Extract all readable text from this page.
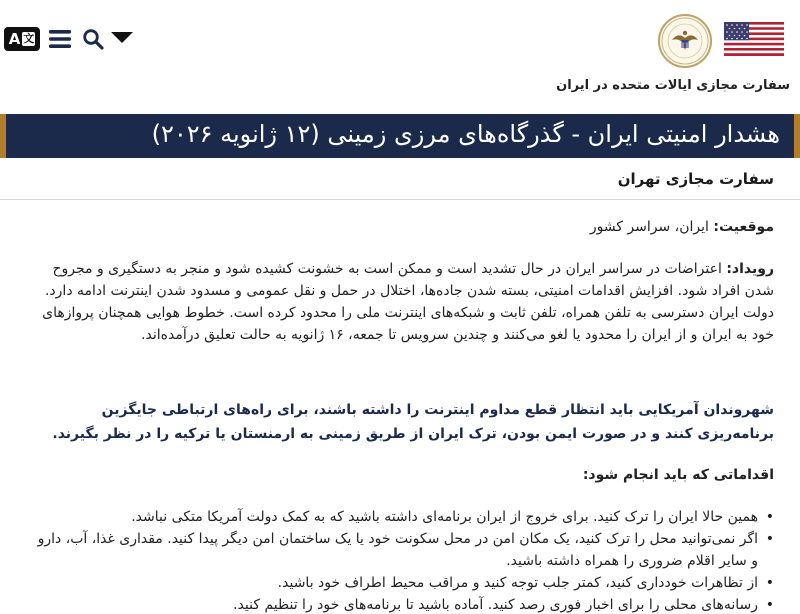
A 文
سفارت مجازی ایالات متحده در ایران
هشدار امنیتی ایران - گذرگاه‌های مرزی زمینی (۱۲ ژانویه ۲۰۲۶)
سفارت مجازی تهران
موقعیت: ایران، سراسر کشور
رویداد: اعتراضات در سراسر ایران در حال تشدید است و ممکن است به خشونت کشیده شود و منجر به دستگیری و مجروح شدن افراد شود. افزایش اقدامات امنیتی، بسته شدن جاده‌ها، اختلال در حمل و نقل عمومی و مسدود شدن اینترنت ادامه دارد. دولت ایران دسترسی به تلفن همراه، تلفن ثابت و شبکه‌های اینترنت ملی را محدود کرده است. خطوط هوایی همچنان پروازهای خود به ایران و از ایران را محدود یا لغو می‌کنند و چندین سرویس تا جمعه، ۱۶ ژانویه به حالت تعلیق درآمده‌اند.
شهروندان آمریکایی باید انتظار قطع مداوم اینترنت را داشته باشند، برای راه‌های ارتباطی جایگزین برنامه‌ریزی کنند و در صورت ایمن بودن، ترک ایران از طریق زمینی به ارمنستان یا ترکیه را در نظر بگیرند.
اقداماتی که باید انجام شود:
• همین حالا ایران را ترک کنید. برای خروج از ایران برنامه‌ای داشته باشید که به کمک دولت آمریکا متکی نباشد.
• اگر نمی‌توانید محل را ترک کنید، یک مکان امن در محل سکونت خود یا یک ساختمان امن دیگر پیدا کنید. مقداری غذا، آب، دارو و سایر اقلام ضروری را همراه داشته باشید.
• از تظاهرات خودداری کنید، کمتر جلب توجه کنید و مراقب محیط اطراف خود باشید.
• رسانه‌های محلی را برای اخبار فوری رصد کنید. آماده باشید تا برنامه‌های خود را تنظیم کنید.
